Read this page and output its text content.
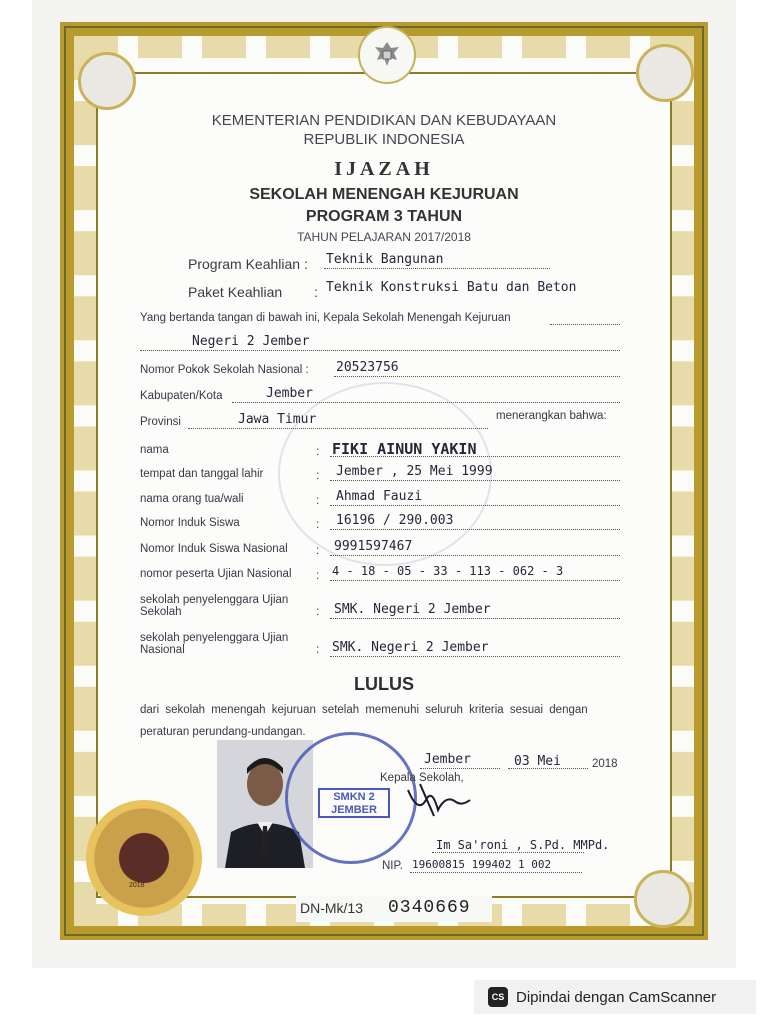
KEMENTERIAN PENDIDIKAN DAN KEBUDAYAAN
REPUBLIK INDONESIA
IJAZAH
SEKOLAH MENENGAH KEJURUAN
PROGRAM 3 TAHUN
TAHUN PELAJARAN 2017/2018
Program Keahlian : Teknik Bangunan
Paket Keahlian : Teknik Konstruksi Batu dan Beton
Yang bertanda tangan di bawah ini, Kepala Sekolah Menengah Kejuruan
Negeri 2 Jember
Nomor Pokok Sekolah Nasional : 20523756
Kabupaten/Kota	Jember
Provinsi	Jawa Timur	menerangkan bahwa:
nama	: FIKI AINUN YAKIN
tempat dan tanggal lahir	: Jember , 25 Mei 1999
nama orang tua/wali	: Ahmad Fauzi
Nomor Induk Siswa	: 16196 / 290.003
Nomor Induk Siswa Nasional : 9991597467
nomor peserta Ujian Nasional : 4 - 18 - 05 - 33 - 113 - 062 - 3
sekolah penyelenggara Ujian
Sekolah	: SMK. Negeri 2 Jember
sekolah penyelenggara Ujian
Nasional	: SMK. Negeri 2 Jember
LULUS
dari sekolah menengah kejuruan setelah memenuhi seluruh kriteria sesuai dengan
peraturan perundang-undangan.
SMKN 2
JEMBER
Jember	03 Mei	2018
Kepala Sekolah,
Im Sa'roni , S.Pd. MMPd.
NIP. 19600815 199402 1 002
2018
DN-Mk/13 0340669
CS Dipindai dengan CamScanner
